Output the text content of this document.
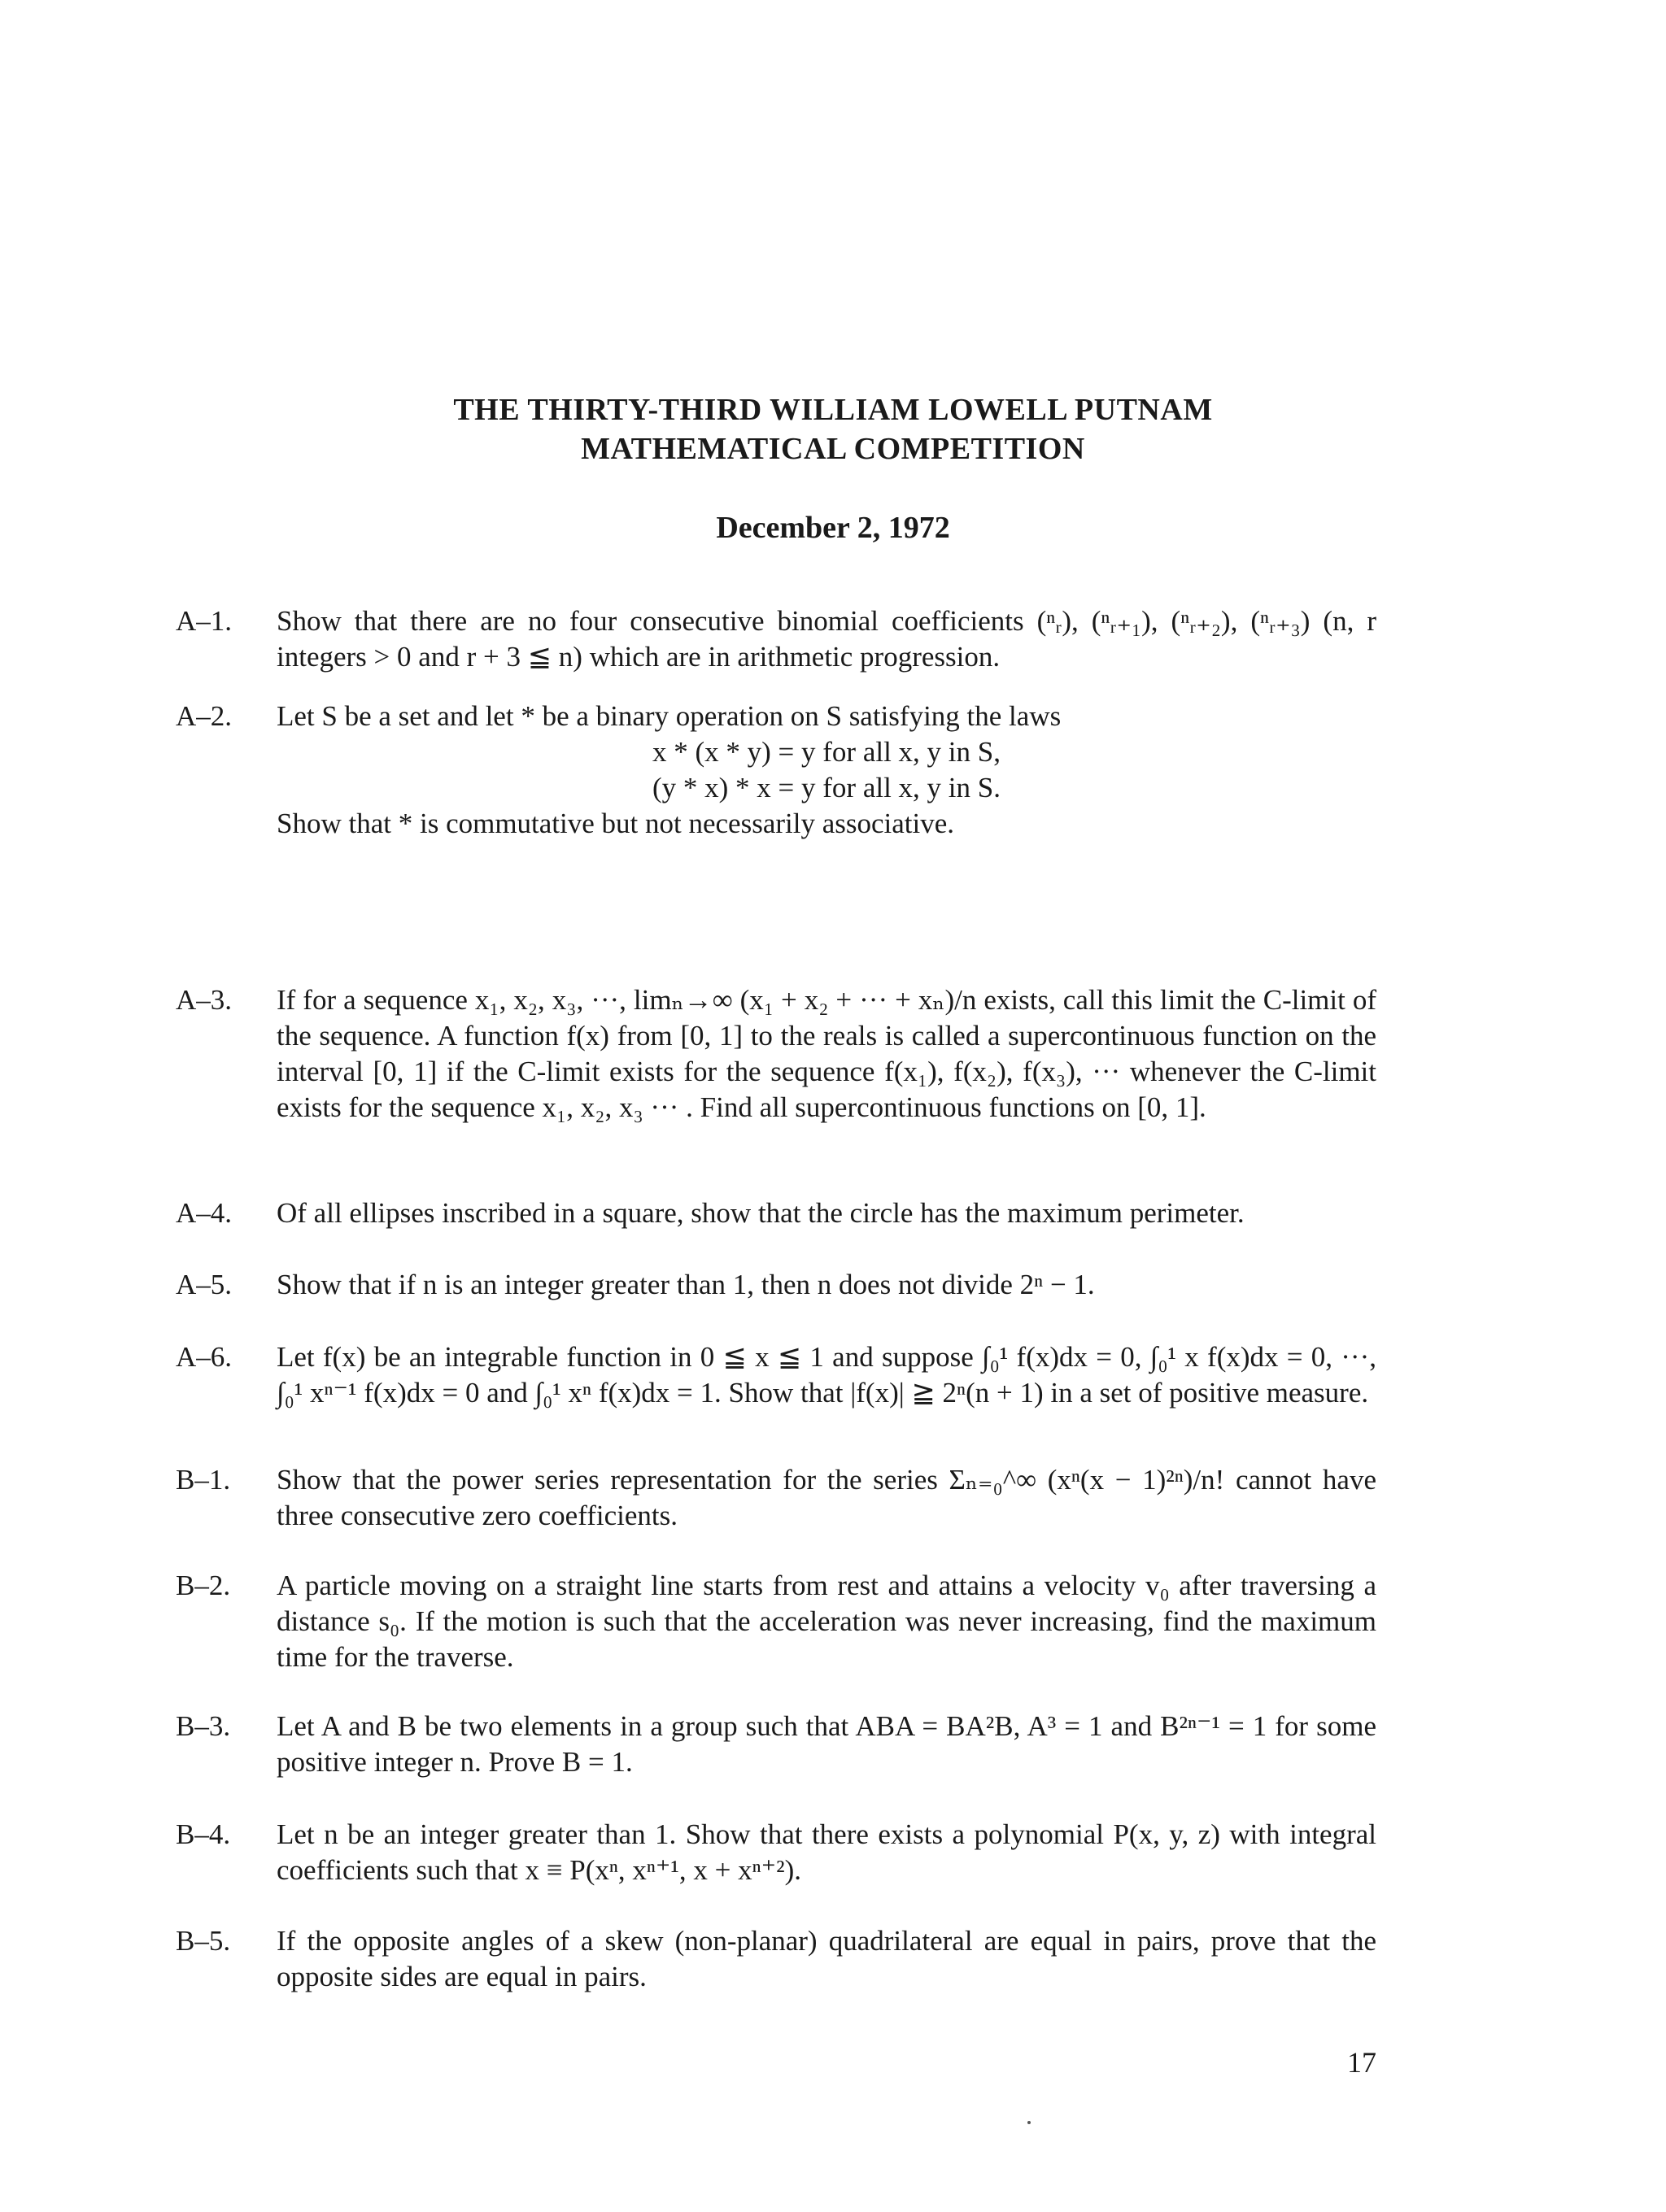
THE THIRTY-THIRD WILLIAM LOWELL PUTNAM
MATHEMATICAL COMPETITION
December 2, 1972
A–1.	Show that there are no four consecutive binomial coefficients (ⁿᵣ), (ⁿᵣ₊₁), (ⁿᵣ₊₂), (ⁿᵣ₊₃) (n, r integers > 0 and r + 3 ≦ n) which are in arithmetic progression.

A–2.	Let S be a set and let * be a binary operation on S satisfying the laws

x * (x * y) = y for all x, y in S,

(y * x) * x = y for all x, y in S.

Show that * is commutative but not necessarily associative.

A–3.	If for a sequence x₁, x₂, x₃, ···, limₙ→∞ (x₁ + x₂ + ··· + xₙ)/n exists, call this limit the C-limit of the sequence. A function f(x) from [0, 1] to the reals is called a supercontinuous function on the interval [0, 1] if the C-limit exists for the sequence f(x₁), f(x₂), f(x₃), ··· whenever the C-limit exists for the sequence x₁, x₂, x₃ ··· . Find all supercontinuous functions on [0, 1].

A–4.	Of all ellipses inscribed in a square, show that the circle has the maximum perimeter.

A–5.	Show that if n is an integer greater than 1, then n does not divide 2ⁿ − 1.

A–6.	Let f(x) be an integrable function in 0 ≦ x ≦ 1 and suppose ∫₀¹ f(x)dx = 0, ∫₀¹ x f(x)dx = 0, ···, ∫₀¹ xⁿ⁻¹ f(x)dx = 0 and ∫₀¹ xⁿ f(x)dx = 1. Show that |f(x)| ≧ 2ⁿ(n + 1) in a set of positive measure.

B–1.	Show that the power series representation for the series Σₙ₌₀^∞ (xⁿ(x − 1)²ⁿ)/n! cannot have three consecutive zero coefficients.

B–2.	A particle moving on a straight line starts from rest and attains a velocity v₀ after traversing a distance s₀. If the motion is such that the acceleration was never increasing, find the maximum time for the traverse.

B–3.	Let A and B be two elements in a group such that ABA = BA²B, A³ = 1 and B²ⁿ⁻¹ = 1 for some positive integer n. Prove B = 1.

B–4.	Let n be an integer greater than 1. Show that there exists a polynomial P(x, y, z) with integral coefficients such that x ≡ P(xⁿ, xⁿ⁺¹, x + xⁿ⁺²).

B–5.	If the opposite angles of a skew (non-planar) quadrilateral are equal in pairs, prove that the opposite sides are equal in pairs.

17
